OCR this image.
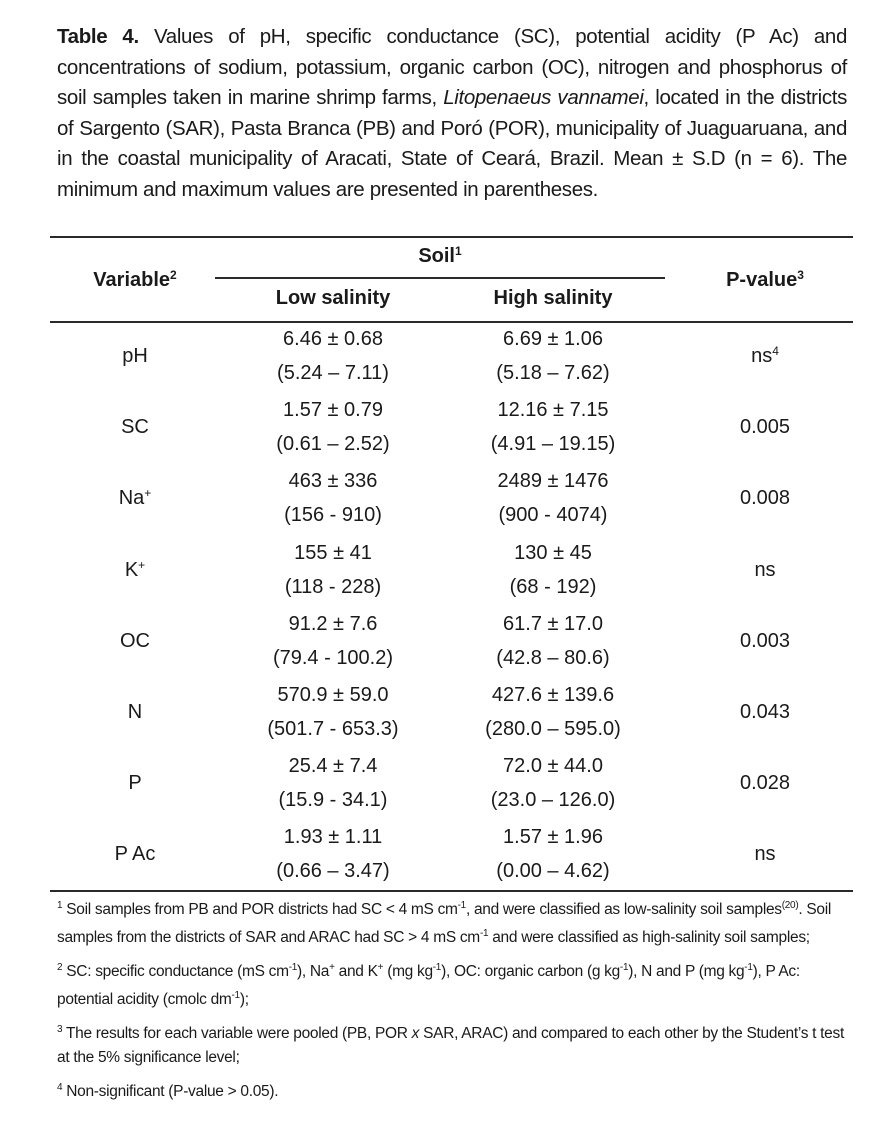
Table 4. Values of pH, specific conductance (SC), potential acidity (P Ac) and concentrations of sodium, potassium, organic carbon (OC), nitrogen and phosphorus of soil samples taken in marine shrimp farms, Litopenaeus vannamei, located in the districts of Sargento (SAR), Pasta Branca (PB) and Poró (POR), municipality of Juaguaruana, and in the coastal municipality of Aracati, State of Ceará, Brazil. Mean ± S.D (n = 6). The minimum and maximum values are presented in parentheses.
Variable$^2$
Soil$^1$
Low salinity	High salinity
P-value$^3$
pH
6.46 ± 0.68
(5.24 – 7.11)
6.69 ± 1.06
(5.18 – 7.62)
$ns^4$
SC
1.57 ± 0.79
(0.61 – 2.52)
12.16 ± 7.15
(4.91 – 19.15)
0.005
Na+
463 ± 336
(156 - 910)
2489 ± 1476
(900 - 4074)
0.008
K+
155 ± 41
(118 - 228)
130 ± 45
(68 - 192)
ns
OC
91.2 ± 7.6
(79.4 - 100.2)
61.7 ± 17.0
(42.8 – 80.6)
0.003
N
570.9 ± 59.0
(501.7 - 653.3)
427.6 ± 139.6
(280.0 – 595.0)
0.043
P
25.4 ± 7.4
(15.9 - 34.1)
72.0 ± 44.0
(23.0 – 126.0)
0.028
P Ac
1.93 ± 1.11
(0.66 – 3.47)
1.57 ± 1.96
(0.00 – 4.62)
ns
$^1$ Soil samples from PB and POR districts had SC < 4 mS $cm^{-1}$, and were classified as low-salinity soil samples$^{(20)}$. Soil samples from the districts of SAR and ARAC had SC > 4 mS $cm^{-1}$ and were classified as high-salinity soil samples;
$^2$ SC: specific conductance (mS $cm^{-1}$), Na+ and K+ (mg $kg^{-1}$), OC: organic carbon (g $kg^{-1}$), N and P (mg $kg^{-1}$), P Ac: potential acidity (cmolc $dm^{-1}$);
$^3$ The results for each variable were pooled (PB, POR x SAR, ARAC) and compared to each other by the Student’s t test at the 5% significance level;
$^4$ Non-significant (P-value > 0.05).
